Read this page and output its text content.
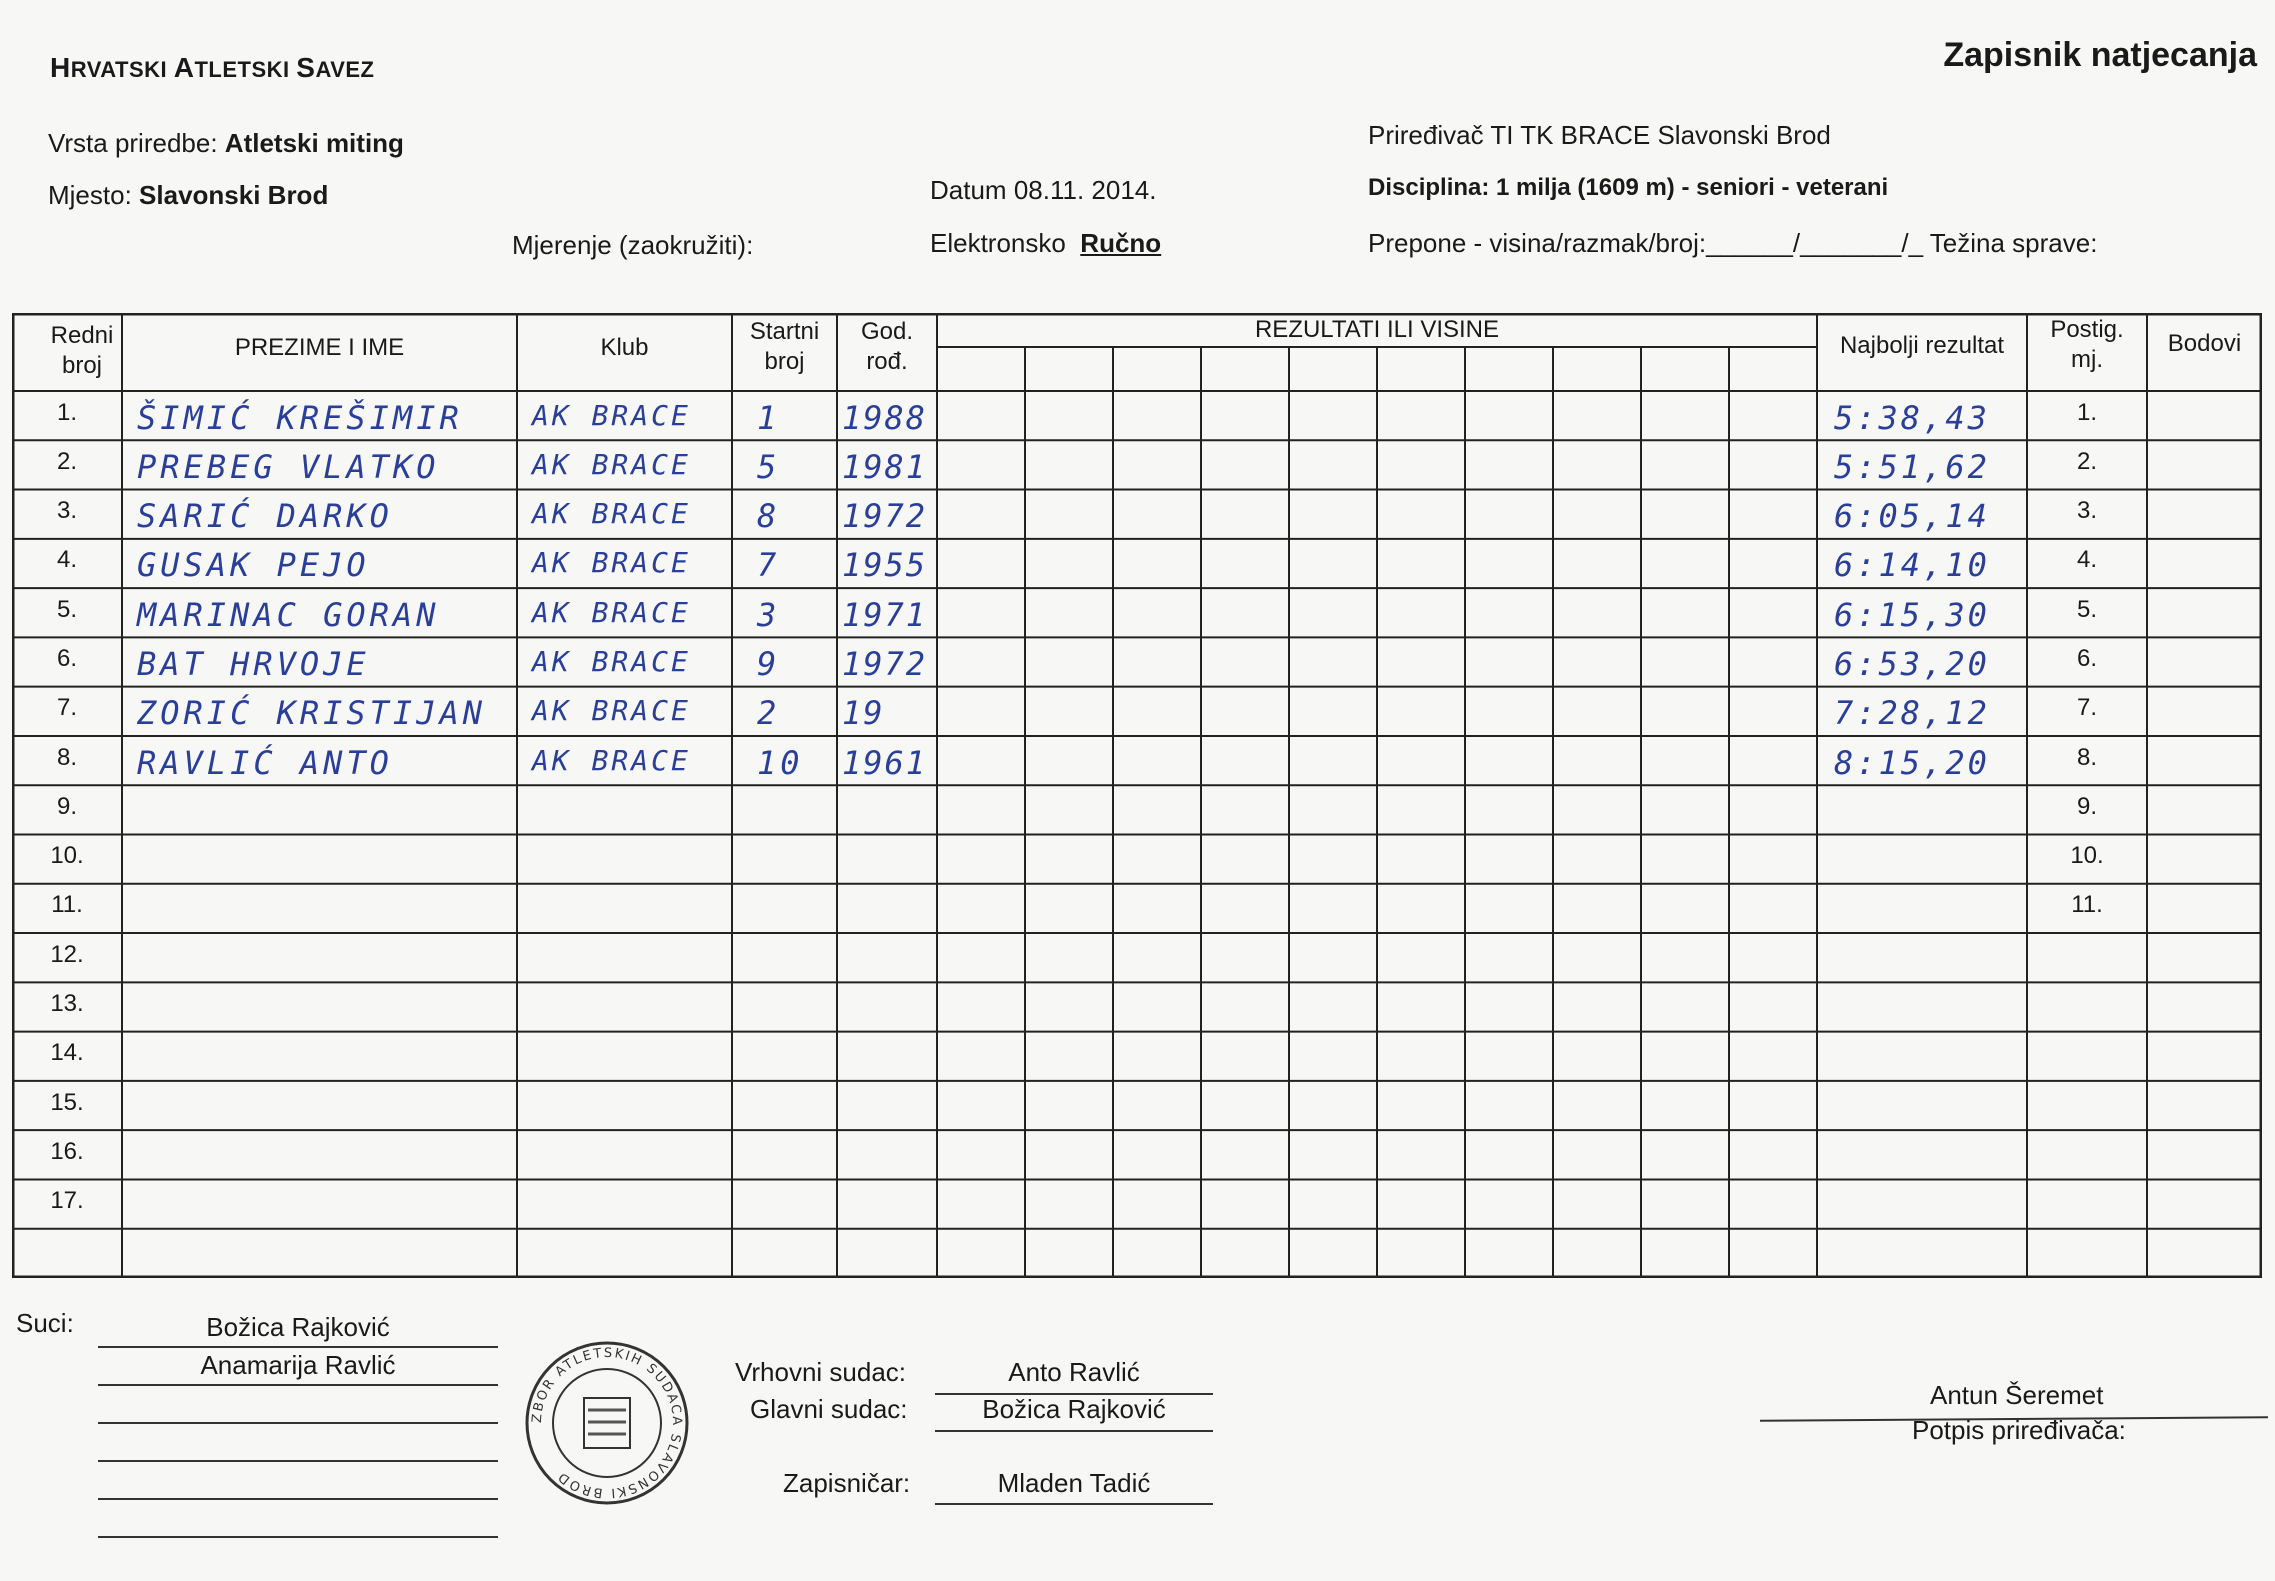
HRVATSKI ATLETSKI SAVEZ	Zapisnik natjecanja
Vrsta priredbe: Atletski miting
Mjesto: Slavonski Brod	Datum 08.11. 2014.
Mjerenje (zaokružiti):	Elektronsko Ručno
Priređivač TI TK BRACE Slavonski Brod
Disciplina: 1 milja (1609 m) - seniori - veterani
Prepone - visina/razmak/broj:______/_______/_ Težina sprave:
Redni
broj
PREZIME I IME	Klub
Startni
broj
God.
rođ.
REZULTATI ILI VISINE
Najbolji rezultat
Postig.
mj.
Bodovi
1.	ŠIMIĆ KREŠIMIR	AK BRACE	1	1988	5:38,43	1.
2.	PREBEG VLATKO	AK BRACE	5	1981	5:51,62	2.
3.	SARIĆ DARKO	AK BRACE	8	1972	6:05,14	3.
4.	GUSAK PEJO	AK BRACE	7	1955	6:14,10	4.
5.	MARINAC GORAN	AK BRACE	3	1971	6:15,30	5.
6.	BAT HRVOJE	AK BRACE	9	1972	6:53,20	6.
7.	ZORIĆ KRISTIJAN	AK BRACE	2	19	7:28,12	7.
8.	RAVLIĆ ANTO	AK BRACE	10	1961	8:15,20	8.
9.	9.
10.	10.
11.	11.
12.
13.
14.
15.
16.
17.
Suci:	Božica Rajković
Anamarija Ravlić
ZBOR ATLETSKIH SUDACA SLAVONSKI BROD
Vrhovni sudac:	Anto Ravlić
Glavni sudac:	Božica Rajković
Zapisničar:	Mladen Tadić
Antun Šeremet
Potpis priređivača:
